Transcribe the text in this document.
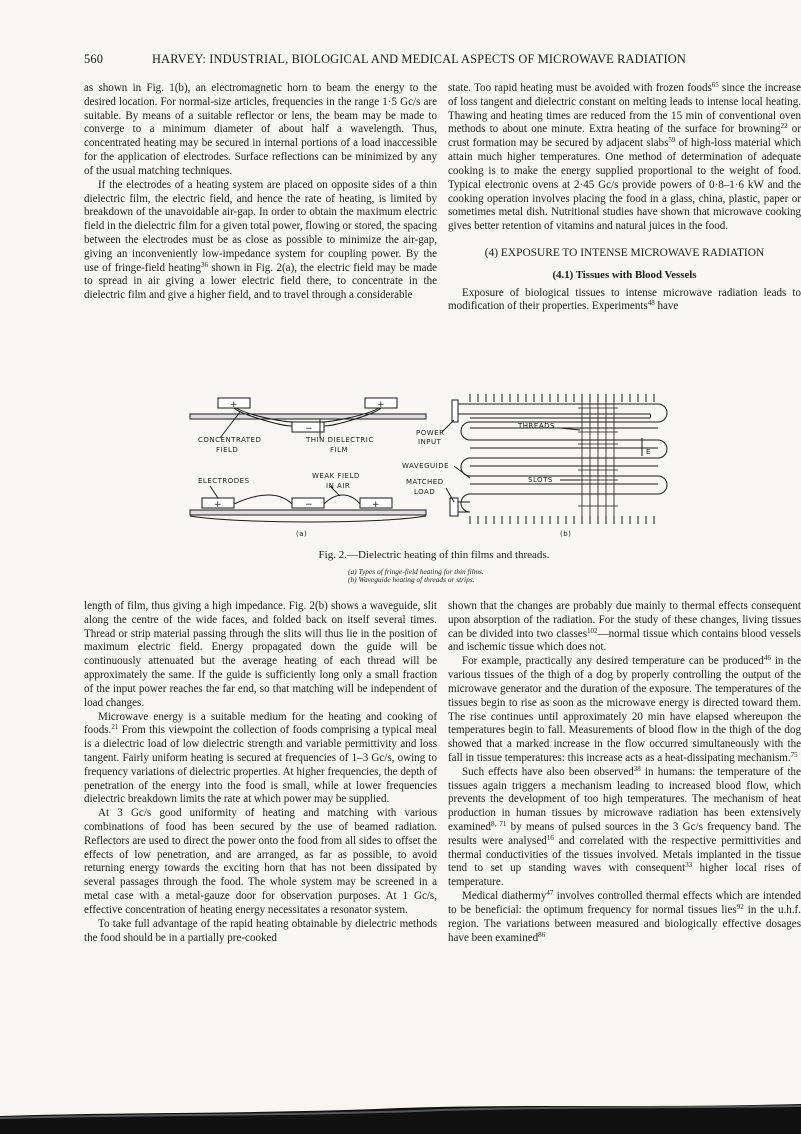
560	HARVEY: INDUSTRIAL, BIOLOGICAL AND MEDICAL ASPECTS OF MICROWAVE RADIATION

as shown in Fig. 1(b), an electromagnetic horn to beam the energy to the desired location. For normal-size articles, frequencies in the range 1·5 Gc/s are suitable. By means of a suitable reflector or lens, the beam may be made to converge to a minimum diameter of about half a wavelength. Thus, concentrated heating may be secured in internal portions of a load inaccessible for the application of electrodes. Surface reflections can be minimized by any of the usual matching techniques.

If the electrodes of a heating system are placed on opposite sides of a thin dielectric film, the electric field, and hence the rate of heating, is limited by breakdown of the unavoidable air-gap. In order to obtain the maximum electric field in the dielectric film for a given total power, flowing or stored, the spacing between the electrodes must be as close as possible to minimize the air-gap, giving an inconveniently low-impedance system for coupling power. By the use of fringe-field heating$^{36}$ shown in Fig. 2(a), the electric field may be made to spread in air giving a lower electric field there, to concentrate in the dielectric film and give a higher field, and to travel through a considerable

state. Too rapid heating must be avoided with frozen foods$^{65}$ since the increase of loss tangent and dielectric constant on melting leads to intense local heating. Thawing and heating times are reduced from the 15 min of conventional oven methods to about one minute. Extra heating of the surface for browning$^{22}$ or crust formation may be secured by adjacent slabs$^{59}$ of high-loss material which attain much higher temperatures. One method of determination of adequate cooking is to make the energy supplied proportional to the weight of food. Typical electronic ovens at 2·45 Gc/s provide powers of 0·8–1·6 kW and the cooking operation involves placing the food in a glass, china, plastic, paper or sometimes metal dish. Nutritional studies have shown that microwave cooking gives better retention of vitamins and natural juices in the food.

(4) EXPOSURE TO INTENSE MICROWAVE RADIATION

(4.1) Tissues with Blood Vessels

Exposure of biological tissues to intense microwave radiation leads to modification of their properties. Experiments$^{48}$ have

+	+
−
+	−	+
CONCENTRATED
FIELD
THIN DIELECTRIC
FILM
ELECTRODES
WEAK FIELD
IN AIR
(a)
POWER
INPUT
WAVEGUIDE
MATCHED
LOAD
THREADS
SLOTS
E
(b)
Fig. 2.—Dielectric heating of thin films and threads.
(a) Types of fringe-field heating for thin films.
(b) Waveguide heating of threads or strips.

length of film, thus giving a high impedance. Fig. 2(b) shows a waveguide, slit along the centre of the wide faces, and folded back on itself several times. Thread or strip material passing through the slits will thus lie in the position of maximum electric field. Energy propagated down the guide will be continuously attenuated but the average heating of each thread will be approximately the same. If the guide is sufficiently long only a small fraction of the input power reaches the far end, so that matching will be independent of load changes.

Microwave energy is a suitable medium for the heating and cooking of foods.$^{21}$ From this viewpoint the collection of foods comprising a typical meal is a dielectric load of low dielectric strength and variable permittivity and loss tangent. Fairly uniform heating is secured at frequencies of 1–3 Gc/s, owing to frequency variations of dielectric properties. At higher frequencies, the depth of penetration of the energy into the food is small, while at lower frequencies dielectric breakdown limits the rate at which power may be supplied.

At 3 Gc/s good uniformity of heating and matching with various combinations of food has been secured by the use of beamed radiation. Reflectors are used to direct the power onto the food from all sides to offset the effects of low penetration, and are arranged, as far as possible, to avoid returning energy towards the exciting horn that has not been dissipated by several passages through the food. The whole system may be screened in a metal case with a metal-gauze door for observation purposes. At 1 Gc/s, effective concentration of heating energy necessitates a resonator system.

To take full advantage of the rapid heating obtainable by dielectric methods the food should be in a partially pre-cooked

shown that the changes are probably due mainly to thermal effects consequent upon absorption of the radiation. For the study of these changes, living tissues can be divided into two classes$^{102}$—normal tissue which contains blood vessels and ischemic tissue which does not.

For example, practically any desired temperature can be produced$^{46}$ in the various tissues of the thigh of a dog by properly controlling the output of the microwave generator and the duration of the exposure. The temperatures of the tissues begin to rise as soon as the microwave energy is directed toward them. The rise continues until approximately 20 min have elapsed whereupon the temperatures begin to fall. Measurements of blood flow in the thigh of the dog showed that a marked increase in the flow occurred simultaneously with the fall in tissue temperatures: this increase acts as a heat-dissipating mechanism.$^{75}$

Such effects have also been observed$^{38}$ in humans: the temperature of the tissues again triggers a mechanism leading to increased blood flow, which prevents the development of too high temperatures. The mechanism of heat production in human tissues by microwave radiation has been extensively examined$^{8, 71}$ by means of pulsed sources in the 3 Gc/s frequency band. The results were analysed$^{16}$ and correlated with the respective permittivities and thermal conductivities of the tissues involved. Metals implanted in the tissue tend to set up standing waves with consequent$^{33}$ higher local rises of temperature.

Medical diathermy$^{47}$ involves controlled thermal effects which are intended to be beneficial: the optimum frequency for normal tissues lies$^{92}$ in the u.h.f. region. The variations between measured and biologically effective dosages have been examined$^{86}$
